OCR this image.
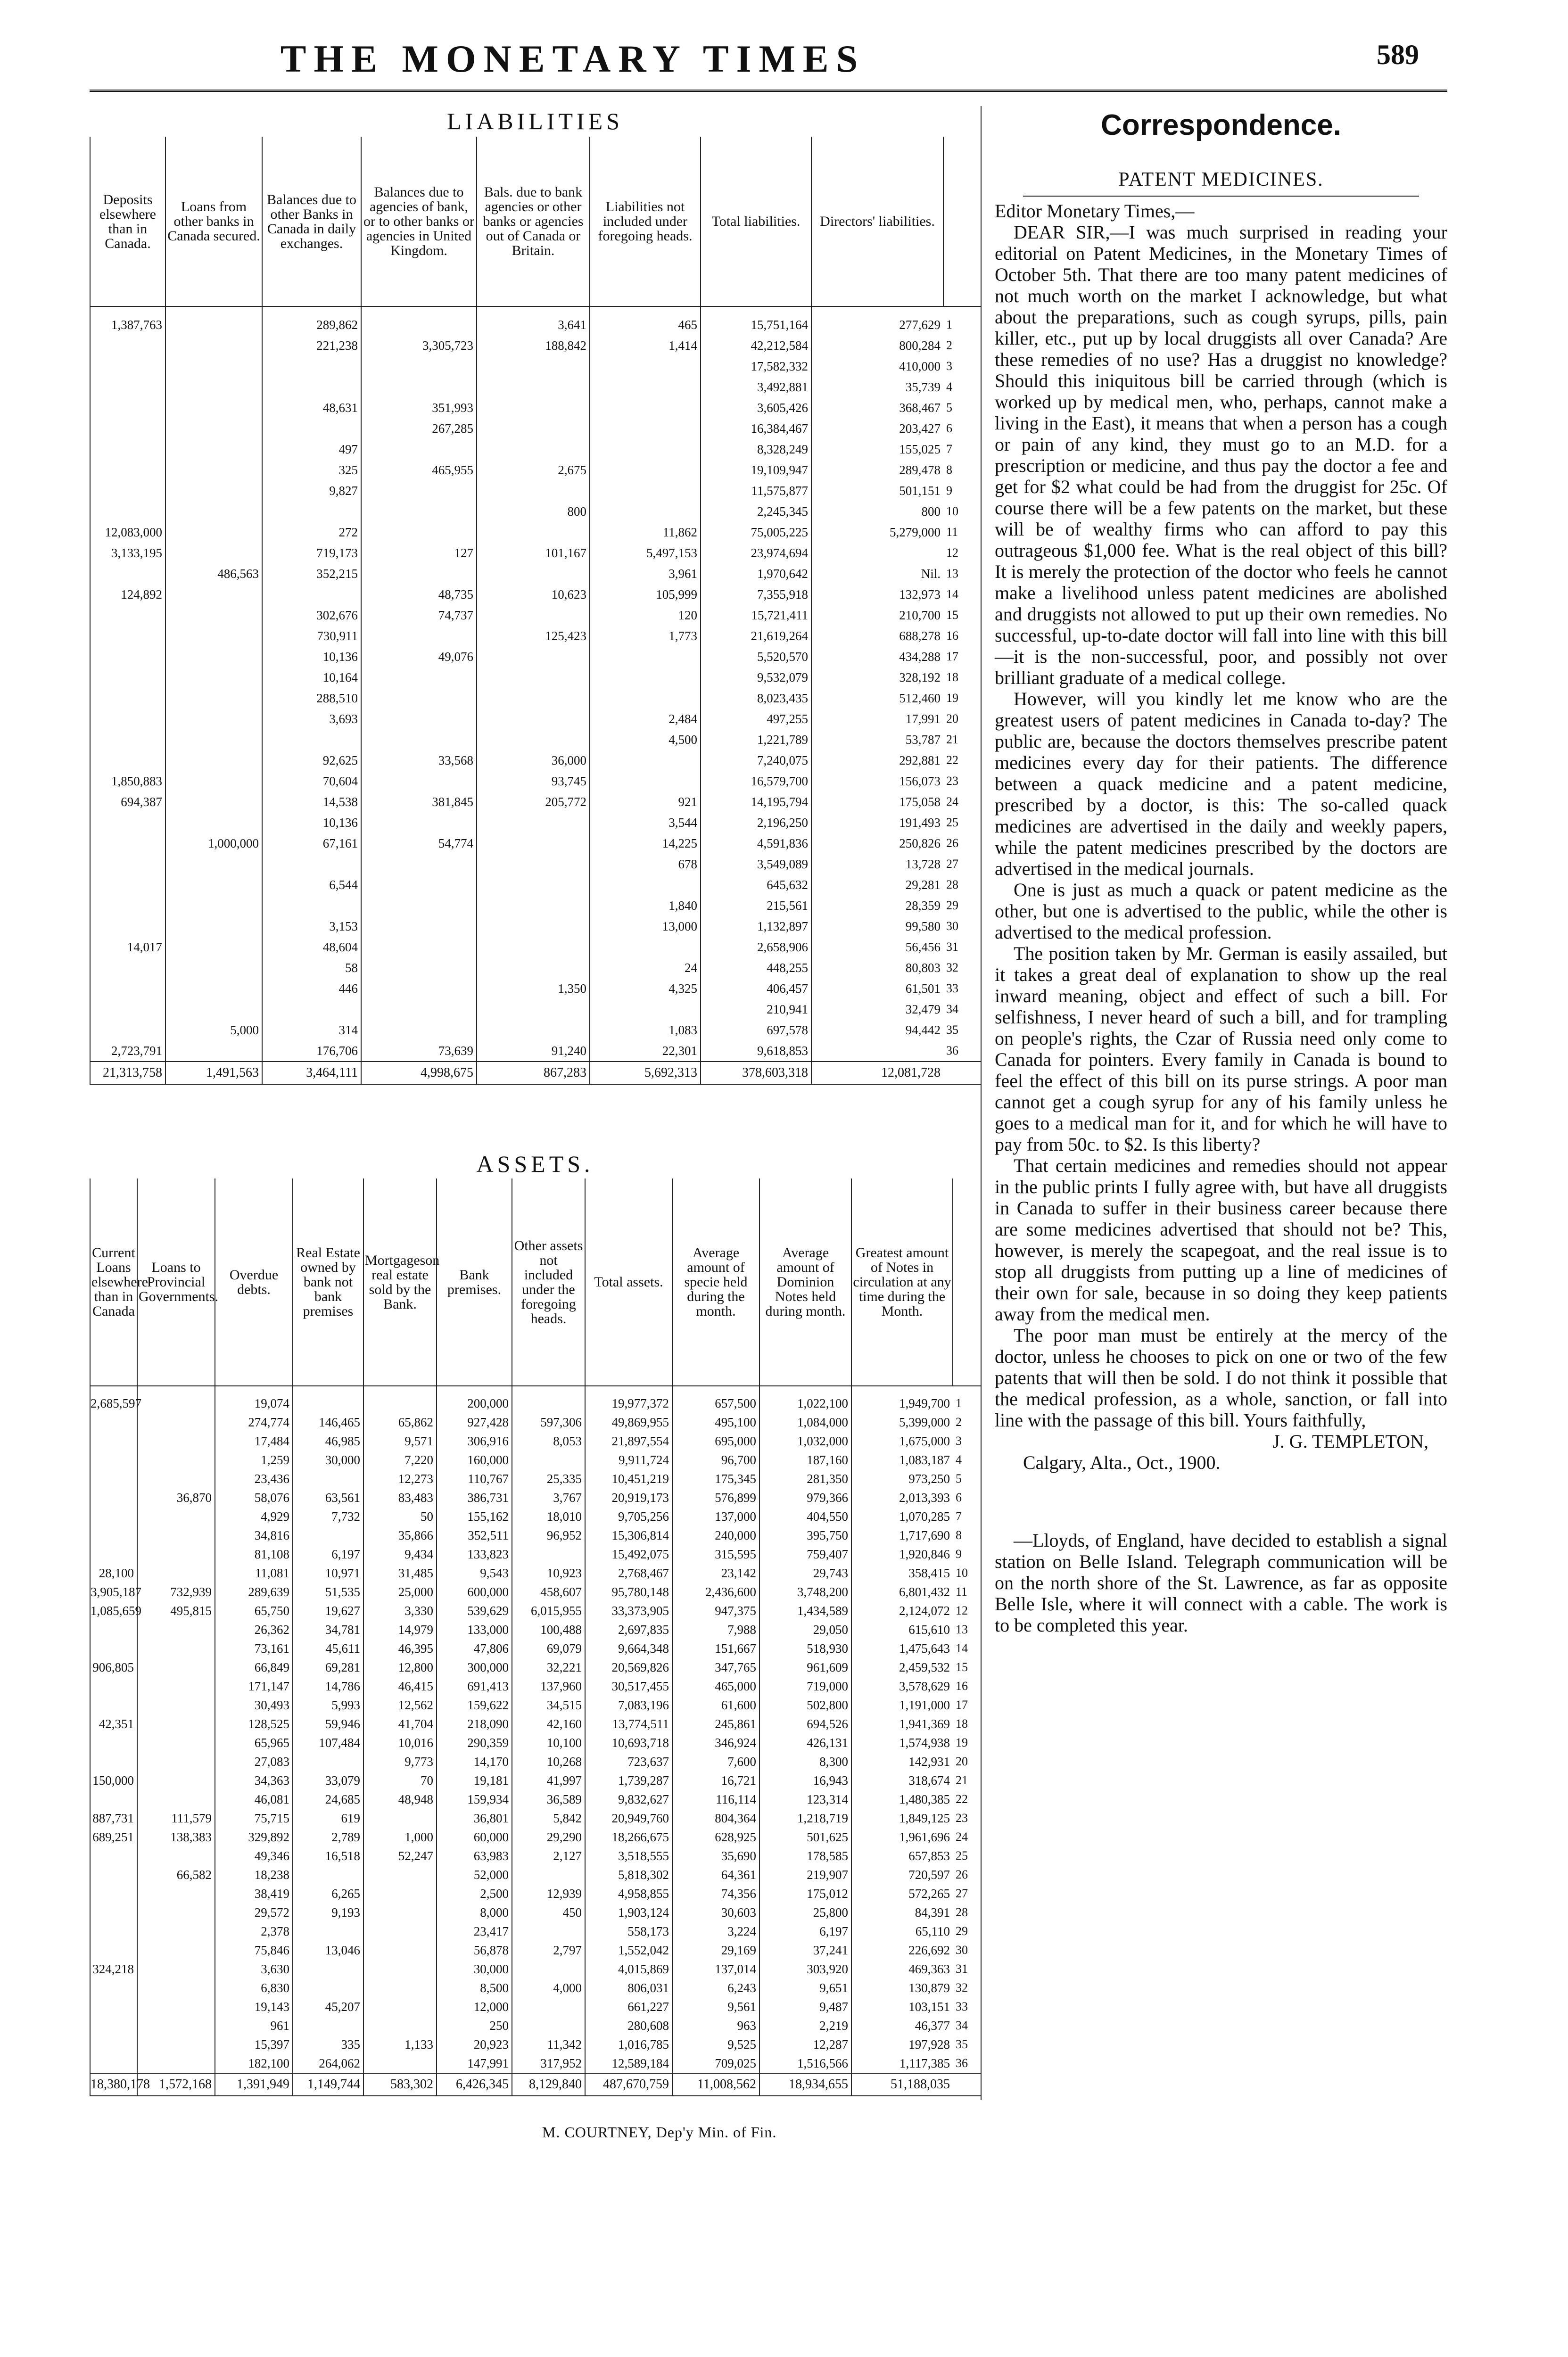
THE MONETARY TIMES	589
LIABILITIES
Deposits elsewhere than in Canada.	Loans from other banks in Canada secured.	Balances due to other Banks in Canada in daily exchanges.	Balances due to agencies of bank, or to other banks or agencies in United Kingdom.	Bals. due to bank agencies or other banks or agencies out of Canada or Britain.	Liabilities not included under foregoing heads.	Total liabilities.	Directors' liabilities.	

1,387,763		289,862		3,641	465	15,751,164	277,629	1
		221,238	3,305,723	188,842	1,414	42,212,584	800,284	2
						17,582,332	410,000	3
						3,492,881	35,739	4
		48,631	351,993			3,605,426	368,467	5
			267,285			16,384,467	203,427	6
		497				8,328,249	155,025	7
		325	465,955	2,675		19,109,947	289,478	8
		9,827				11,575,877	501,151	9
				800		2,245,345	800	10
12,083,000		272			11,862	75,005,225	5,279,000	11
3,133,195		719,173	127	101,167	5,497,153	23,974,694		12
	486,563	352,215			3,961	1,970,642	Nil.	13
124,892			48,735	10,623	105,999	7,355,918	132,973	14
		302,676	74,737		120	15,721,411	210,700	15
		730,911		125,423	1,773	21,619,264	688,278	16
		10,136	49,076			5,520,570	434,288	17
		10,164				9,532,079	328,192	18
		288,510				8,023,435	512,460	19
		3,693			2,484	497,255	17,991	20
					4,500	1,221,789	53,787	21
		92,625	33,568	36,000		7,240,075	292,881	22
1,850,883		70,604		93,745		16,579,700	156,073	23
694,387		14,538	381,845	205,772	921	14,195,794	175,058	24
		10,136			3,544	2,196,250	191,493	25
	1,000,000	67,161	54,774		14,225	4,591,836	250,826	26
					678	3,549,089	13,728	27
		6,544				645,632	29,281	28
					1,840	215,561	28,359	29
		3,153			13,000	1,132,897	99,580	30
14,017		48,604				2,658,906	56,456	31
		58			24	448,255	80,803	32
		446		1,350	4,325	406,457	61,501	33
						210,941	32,479	34
	5,000	314			1,083	697,578	94,442	35
2,723,791		176,706	73,639	91,240	22,301	9,618,853		36
21,313,758	1,491,563	3,464,111	4,998,675	867,283	5,692,313	378,603,318	12,081,728	
ASSETS.
Current Loans elsewhere than in Canada	Loans to Provincial Governments.	Overdue debts.	Real Estate owned by bank not bank premises	Mortgageson real estate sold by the Bank.	Bank premises.	Other assets not included under the foregoing heads.	Total assets.	Average amount of specie held during the month.	Average amount of Dominion Notes held during month.	Greatest amount of Notes in circulation at any time during the Month.	

2,685,597		19,074			200,000		19,977,372	657,500	1,022,100	1,949,700	1
		274,774	146,465	65,862	927,428	597,306	49,869,955	495,100	1,084,000	5,399,000	2
		17,484	46,985	9,571	306,916	8,053	21,897,554	695,000	1,032,000	1,675,000	3
		1,259	30,000	7,220	160,000		9,911,724	96,700	187,160	1,083,187	4
		23,436		12,273	110,767	25,335	10,451,219	175,345	281,350	973,250	5
	36,870	58,076	63,561	83,483	386,731	3,767	20,919,173	576,899	979,366	2,013,393	6
		4,929	7,732	50	155,162	18,010	9,705,256	137,000	404,550	1,070,285	7
		34,816		35,866	352,511	96,952	15,306,814	240,000	395,750	1,717,690	8
		81,108	6,197	9,434	133,823		15,492,075	315,595	759,407	1,920,846	9
28,100		11,081	10,971	31,485	9,543	10,923	2,768,467	23,142	29,743	358,415	10
3,905,187	732,939	289,639	51,535	25,000	600,000	458,607	95,780,148	2,436,600	3,748,200	6,801,432	11
1,085,659	495,815	65,750	19,627	3,330	539,629	6,015,955	33,373,905	947,375	1,434,589	2,124,072	12
		26,362	34,781	14,979	133,000	100,488	2,697,835	7,988	29,050	615,610	13
		73,161	45,611	46,395	47,806	69,079	9,664,348	151,667	518,930	1,475,643	14
906,805		66,849	69,281	12,800	300,000	32,221	20,569,826	347,765	961,609	2,459,532	15
		171,147	14,786	46,415	691,413	137,960	30,517,455	465,000	719,000	3,578,629	16
		30,493	5,993	12,562	159,622	34,515	7,083,196	61,600	502,800	1,191,000	17
42,351		128,525	59,946	41,704	218,090	42,160	13,774,511	245,861	694,526	1,941,369	18
		65,965	107,484	10,016	290,359	10,100	10,693,718	346,924	426,131	1,574,938	19
		27,083		9,773	14,170	10,268	723,637	7,600	8,300	142,931	20
150,000		34,363	33,079	70	19,181	41,997	1,739,287	16,721	16,943	318,674	21
		46,081	24,685	48,948	159,934	36,589	9,832,627	116,114	123,314	1,480,385	22
887,731	111,579	75,715	619		36,801	5,842	20,949,760	804,364	1,218,719	1,849,125	23
689,251	138,383	329,892	2,789	1,000	60,000	29,290	18,266,675	628,925	501,625	1,961,696	24
		49,346	16,518	52,247	63,983	2,127	3,518,555	35,690	178,585	657,853	25
	66,582	18,238			52,000		5,818,302	64,361	219,907	720,597	26
		38,419	6,265		2,500	12,939	4,958,855	74,356	175,012	572,265	27
		29,572	9,193		8,000	450	1,903,124	30,603	25,800	84,391	28
		2,378			23,417		558,173	3,224	6,197	65,110	29
		75,846	13,046		56,878	2,797	1,552,042	29,169	37,241	226,692	30
324,218		3,630			30,000		4,015,869	137,014	303,920	469,363	31
		6,830			8,500	4,000	806,031	6,243	9,651	130,879	32
		19,143	45,207		12,000		661,227	9,561	9,487	103,151	33
		961			250		280,608	963	2,219	46,377	34
		15,397	335	1,133	20,923	11,342	1,016,785	9,525	12,287	197,928	35
		182,100	264,062		147,991	317,952	12,589,184	709,025	1,516,566	1,117,385	36
18,380,178	1,572,168	1,391,949	1,149,744	583,302	6,426,345	8,129,840	487,670,759	11,008,562	18,934,655	51,188,035	
M. COURTNEY, Dep'y Min. of Fin.
Correspondence.
PATENT MEDICINES.

Editor Monetary Times,—

DEAR SIR,—I was much surprised in reading your editorial on Patent Medicines, in the Monetary Times of October 5th. That there are too many patent medicines of not much worth on the market I acknowledge, but what about the preparations, such as cough syrups, pills, pain killer, etc., put up by local druggists all over Canada? Are these remedies of no use? Has a druggist no knowledge? Should this iniquitous bill be carried through (which is worked up by medical men, who, perhaps, cannot make a living in the East), it means that when a person has a cough or pain of any kind, they must go to an M.D. for a prescription or medicine, and thus pay the doctor a fee and get for $2 what could be had from the druggist for 25c. Of course there will be a few patents on the market, but these will be of wealthy firms who can afford to pay this outrageous $1,000 fee. What is the real object of this bill? It is merely the protection of the doctor who feels he cannot make a livelihood unless patent medicines are abolished and druggists not allowed to put up their own remedies. No successful, up-to-date doctor will fall into line with this bill—it is the non-successful, poor, and possibly not over brilliant graduate of a medical college.

However, will you kindly let me know who are the greatest users of patent medicines in Canada to-day? The public are, because the doctors themselves prescribe patent medicines every day for their patients. The difference between a quack medicine and a patent medicine, prescribed by a doctor, is this: The so-called quack medicines are advertised in the daily and weekly papers, while the patent medicines prescribed by the doctors are advertised in the medical journals.

One is just as much a quack or patent medicine as the other, but one is advertised to the public, while the other is advertised to the medical profession.

The position taken by Mr. German is easily assailed, but it takes a great deal of explanation to show up the real inward meaning, object and effect of such a bill. For selfishness, I never heard of such a bill, and for trampling on people's rights, the Czar of Russia need only come to Canada for pointers. Every family in Canada is bound to feel the effect of this bill on its purse strings. A poor man cannot get a cough syrup for any of his family unless he goes to a medical man for it, and for which he will have to pay from 50c. to $2. Is this liberty?

That certain medicines and remedies should not appear in the public prints I fully agree with, but have all druggists in Canada to suffer in their business career because there are some medicines advertised that should not be? This, however, is merely the scapegoat, and the real issue is to stop all druggists from putting up a line of medicines of their own for sale, because in so doing they keep patients away from the medical men.

The poor man must be entirely at the mercy of the doctor, unless he chooses to pick on one or two of the few patents that will then be sold. I do not think it possible that the medical profession, as a whole, sanction, or fall into line with the passage of this bill. Yours faithfully,

J. G. TEMPLETON,

Calgary, Alta., Oct., 1900.

—Lloyds, of England, have decided to establish a signal station on Belle Island. Telegraph communication will be on the north shore of the St. Lawrence, as far as opposite Belle Isle, where it will connect with a cable. The work is to be completed this year.
